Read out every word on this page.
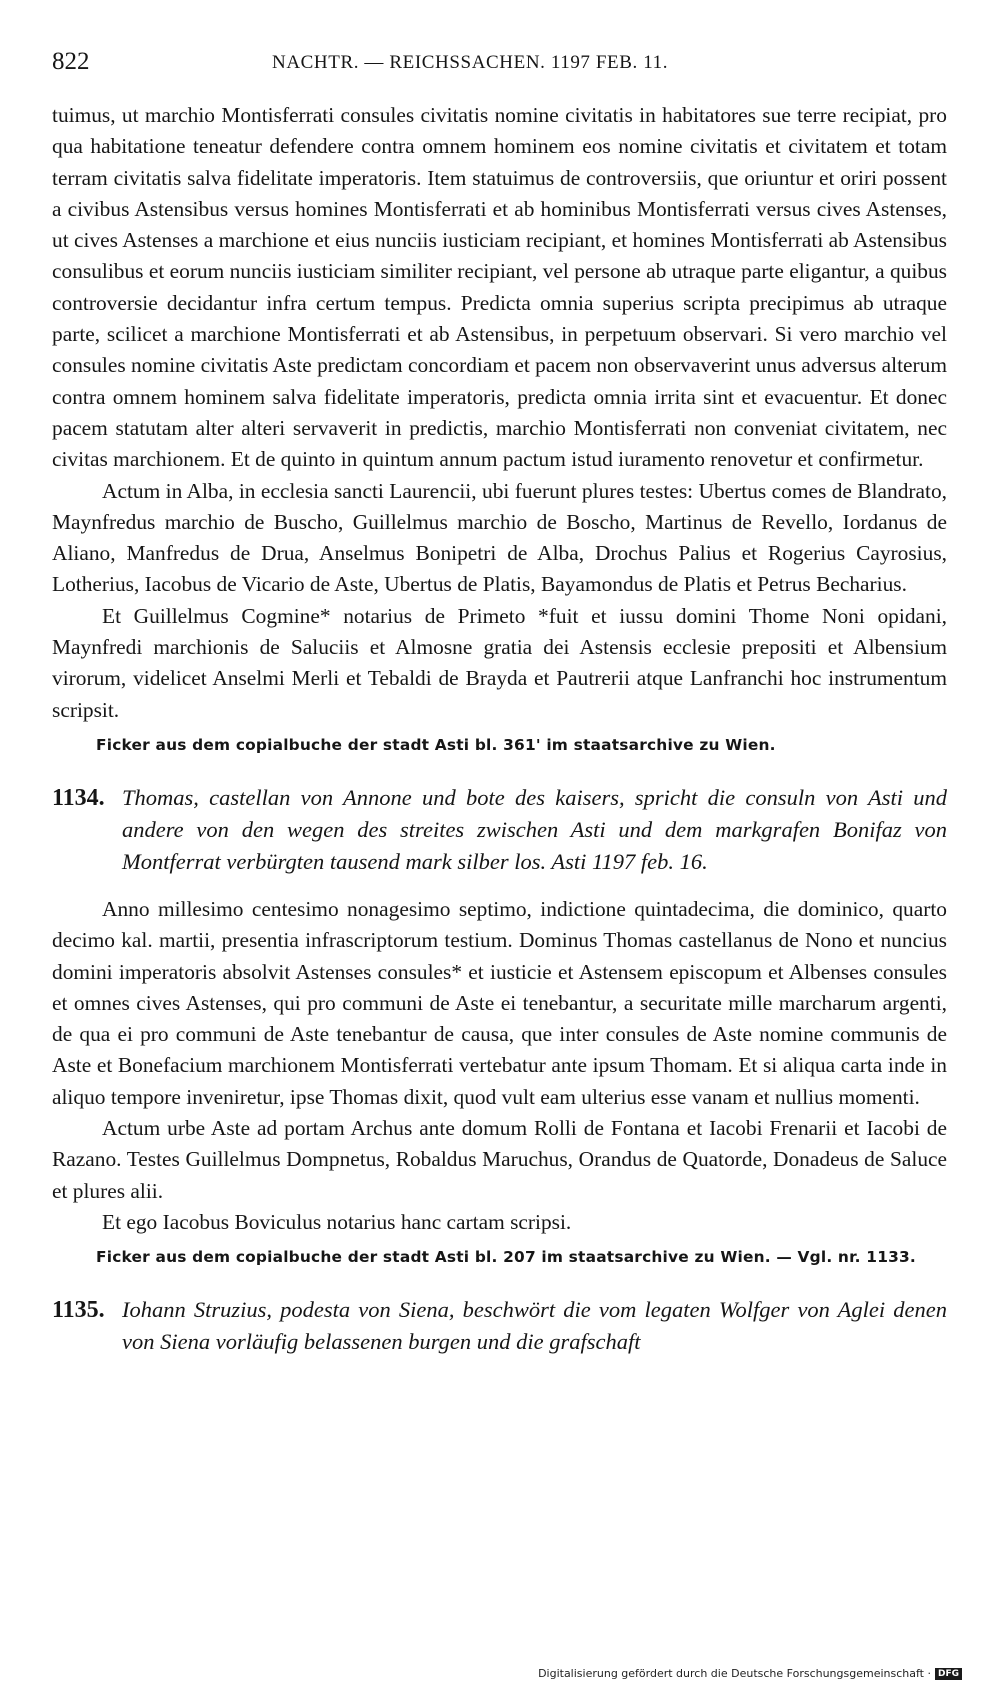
822	NACHTR. — REICHSSACHEN. 1197 FEB. 11.

tuimus, ut marchio Montisferrati consules civitatis nomine civitatis in habitatores sue terre recipiat, pro qua habitatione teneatur defendere contra omnem hominem eos nomine civitatis et civitatem et totam terram civitatis salva fidelitate imperatoris. Item statuimus de controversiis, que oriuntur et oriri possent a civibus Astensibus versus homines Montisferrati et ab hominibus Montisferrati versus cives Astenses, ut cives Astenses a marchione et eius nunciis iusticiam recipiant, et homines Montisferrati ab Astensibus consulibus et eorum nunciis iusticiam similiter recipiant, vel persone ab utraque parte eligantur, a quibus controversie decidantur infra certum tempus. Predicta omnia superius scripta precipimus ab utraque parte, scilicet a marchione Montisferrati et ab Astensibus, in perpetuum observari. Si vero marchio vel consules nomine civitatis Aste predictam concordiam et pacem non observaverint unus adversus alterum contra omnem hominem salva fidelitate imperatoris, predicta omnia irrita sint et evacuentur. Et donec pacem statutam alter alteri servaverit in predictis, marchio Montisferrati non conveniat civitatem, nec civitas marchionem. Et de quinto in quintum annum pactum istud iuramento renovetur et confirmetur.

Actum in Alba, in ecclesia sancti Laurencii, ubi fuerunt plures testes: Ubertus comes de Blandrato, Maynfredus marchio de Buscho, Guillelmus marchio de Boscho, Martinus de Revello, Iordanus de Aliano, Manfredus de Drua, Anselmus Bonipetri de Alba, Drochus Palius et Rogerius Cayrosius, Lotherius, Iacobus de Vicario de Aste, Ubertus de Platis, Bayamondus de Platis et Petrus Becharius.

Et Guillelmus Cogmine* notarius de Primeto *fuit et iussu domini Thome Noni opidani, Maynfredi marchionis de Saluciis et Almosne gratia dei Astensis ecclesie prepositi et Albensium virorum, videlicet Anselmi Merli et Tebaldi de Brayda et Pautrerii atque Lanfranchi hoc instrumentum scripsit.

Ficker aus dem copialbuche der stadt Asti bl. 361' im staatsarchive zu Wien.
1134. Thomas, castellan von Annone und bote des kaisers, spricht die consuln von Asti und andere von den wegen des streites zwischen Asti und dem markgrafen Bonifaz von Montferrat verbürgten tausend mark silber los. Asti 1197 feb. 16.

Anno millesimo centesimo nonagesimo septimo, indictione quintadecima, die dominico, quarto decimo kal. martii, presentia infrascriptorum testium. Dominus Thomas castellanus de Nono et nuncius domini imperatoris absolvit Astenses consules* et iusticie et Astensem episcopum et Albenses consules et omnes cives Astenses, qui pro communi de Aste ei tenebantur, a securitate mille marcharum argenti, de qua ei pro communi de Aste tenebantur de causa, que inter consules de Aste nomine communis de Aste et Bonefacium marchionem Montisferrati vertebatur ante ipsum Thomam. Et si aliqua carta inde in aliquo tempore inveniretur, ipse Thomas dixit, quod vult eam ulterius esse vanam et nullius momenti.

Actum urbe Aste ad portam Archus ante domum Rolli de Fontana et Iacobi Frenarii et Iacobi de Razano. Testes Guillelmus Dompnetus, Robaldus Maruchus, Orandus de Quatorde, Donadeus de Saluce et plures alii.

Et ego Iacobus Boviculus notarius hanc cartam scripsi.

Ficker aus dem copialbuche der stadt Asti bl. 207 im staatsarchive zu Wien. — Vgl. nr. 1133.
1135. Iohann Struzius, podesta von Siena, beschwört die vom legaten Wolfger von Aglei denen von Siena vorläufig belassenen burgen und die grafschaft
Digitalisierung gefördert durch die Deutsche Forschungsgemeinschaft · DFG
